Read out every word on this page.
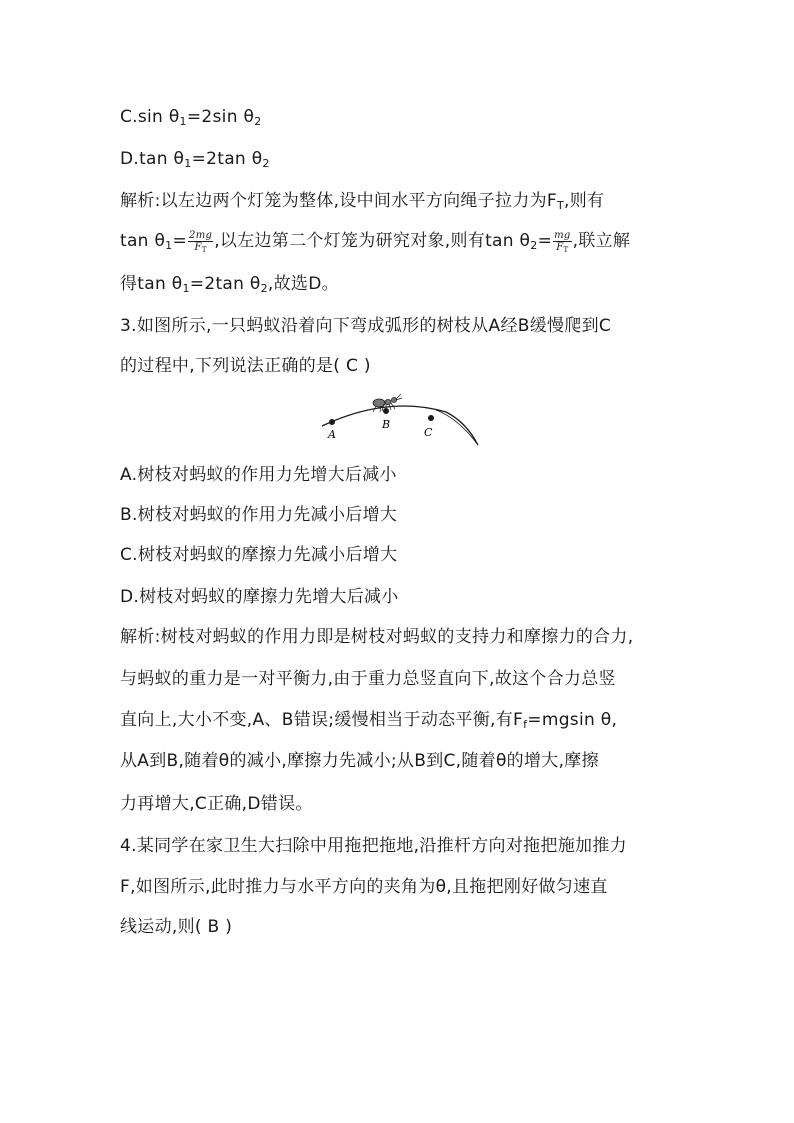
C.sin $\theta_1=2\sin$ $\theta_2$
D.tan $\theta_1=2\tan$ $\theta_2$
解析:以左边两个灯笼为整体,设中间水平方向绳子拉力为$F_T$,则有
$\tan \theta_1= \frac{2mg}{F_T}$ ,以左边第二个灯笼为研究对象,则有$\tan \theta_2= \frac{mg}{F_T}$ ,联立解
得$\tan \theta_1=2\tan$ $\theta_2$,故选D。
3.如图所示,一只蚂蚁沿着向下弯成弧形的树枝从A经B缓慢爬到C
的过程中,下列说法正确的是( C )
A
B
C
A.树枝对蚂蚁的作用力先增大后减小
B.树枝对蚂蚁的作用力先减小后增大
C.树枝对蚂蚁的摩擦力先减小后增大
D.树枝对蚂蚁的摩擦力先增大后减小
解析:树枝对蚂蚁的作用力即是树枝对蚂蚁的支持力和摩擦力的合力,
与蚂蚁的重力是一对平衡力,由于重力总竖直向下,故这个合力总竖
直向上,大小不变,A、B错误;缓慢相当于动态平衡,有$F_f=mgsin$ θ,
从A到B,随着θ的减小,摩擦力先减小;从B到C,随着θ的增大,摩擦
力再增大,C正确,D错误。
4.某同学在家卫生大扫除中用拖把拖地,沿推杆方向对拖把施加推力
F,如图所示,此时推力与水平方向的夹角为θ,且拖把刚好做匀速直
线运动,则( B )
